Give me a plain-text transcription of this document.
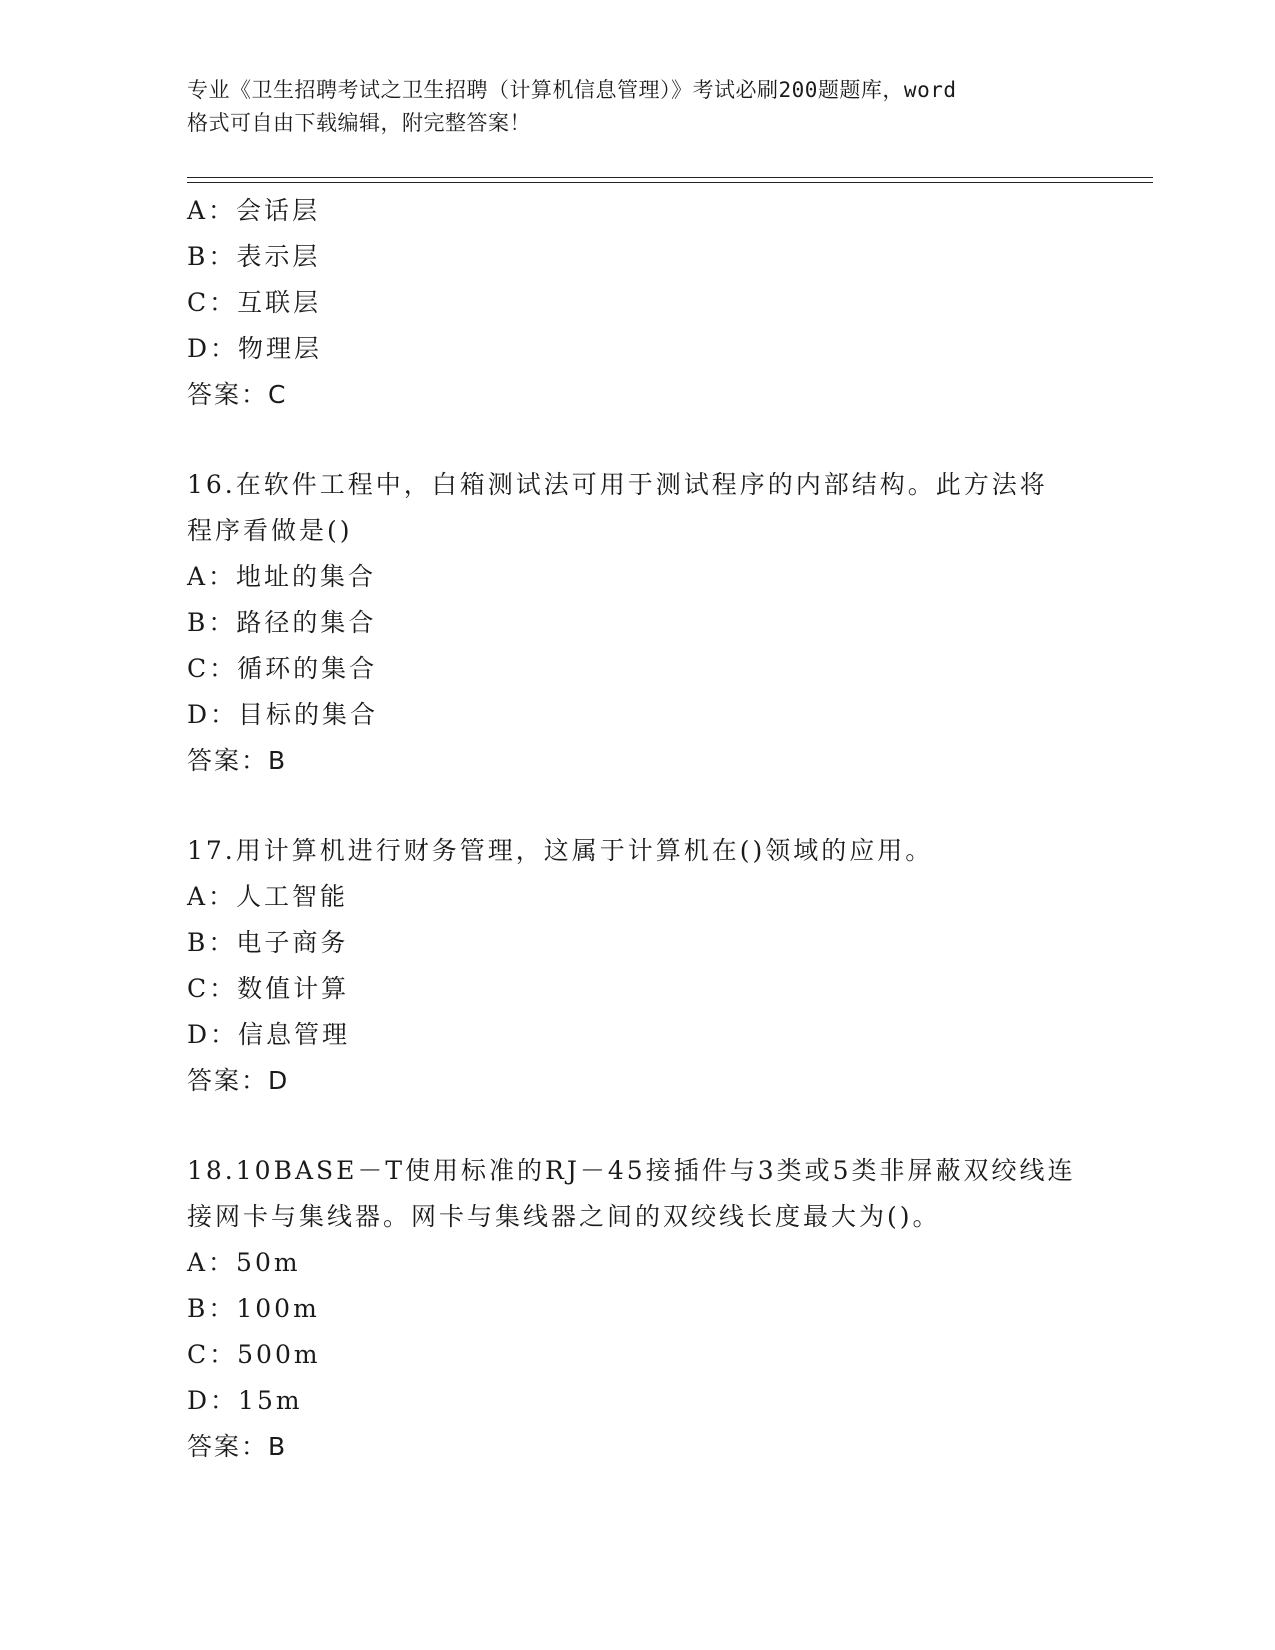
专业《卫生招聘考试之卫生招聘（计算机信息管理）》考试必刷200题题库，word
格式可自由下载编辑，附完整答案！
A：会话层
B：表示层
C：互联层
D：物理层
答案：C
16.在软件工程中，白箱测试法可用于测试程序的内部结构。此方法将
程序看做是()
A：地址的集合
B：路径的集合
C：循环的集合
D：目标的集合
答案：B
17.用计算机进行财务管理，这属于计算机在()领域的应用。
A：人工智能
B：电子商务
C：数值计算
D：信息管理
答案：D
18.10BASE－T使用标准的RJ－45接插件与3类或5类非屏蔽双绞线连
接网卡与集线器。网卡与集线器之间的双绞线长度最大为()。
A：50m
B：100m
C：500m
D：15m
答案：B
